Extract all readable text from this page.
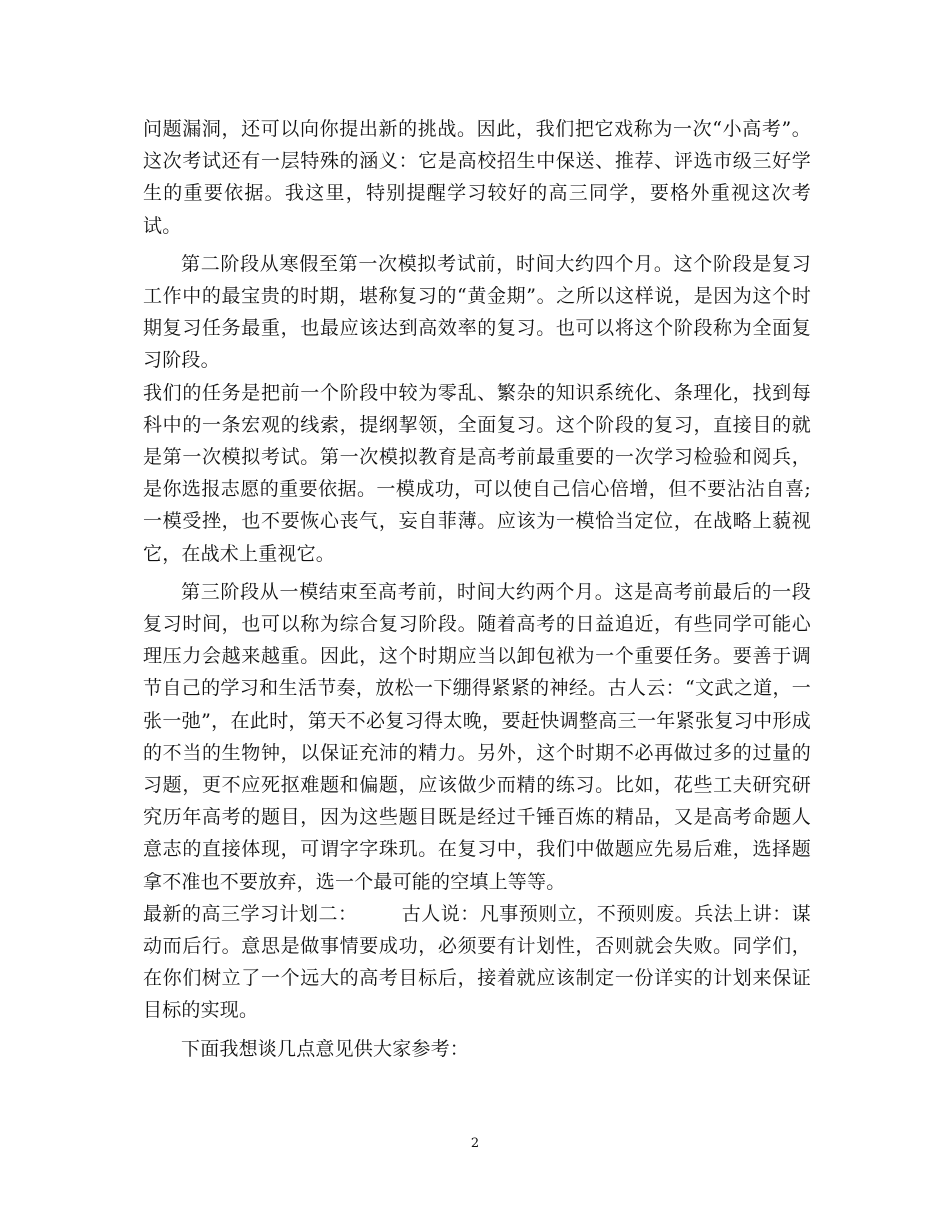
问题漏洞，还可以向你提出新的挑战。因此，我们把它戏称为一次“小高考”。这次考试还有一层特殊的涵义：它是高校招生中保送、推荐、评选市级三好学生的重要依据。我这里，特别提醒学习较好的高三同学，要格外重视这次考试。

第二阶段从寒假至第一次模拟考试前，时间大约四个月。这个阶段是复习工作中的最宝贵的时期，堪称复习的“黄金期”。之所以这样说，是因为这个时期复习任务最重，也最应该达到高效率的复习。也可以将这个阶段称为全面复习阶段。

我们的任务是把前一个阶段中较为零乱、繁杂的知识系统化、条理化，找到每科中的一条宏观的线索，提纲挈领，全面复习。这个阶段的复习，直接目的就是第一次模拟考试。第一次模拟教育是高考前最重要的一次学习检验和阅兵，是你选报志愿的重要依据。一模成功，可以使自己信心倍增，但不要沾沾自喜;一模受挫，也不要恢心丧气，妄自菲薄。应该为一模恰当定位，在战略上藐视它，在战术上重视它。

第三阶段从一模结束至高考前，时间大约两个月。这是高考前最后的一段复习时间，也可以称为综合复习阶段。随着高考的日益追近，有些同学可能心理压力会越来越重。因此，这个时期应当以卸包袱为一个重要任务。要善于调节自己的学习和生活节奏，放松一下绷得紧紧的神经。古人云：“文武之道，一张一弛”，在此时，第天不必复习得太晚，要赶快调整高三一年紧张复习中形成的不当的生物钟，以保证充沛的精力。另外，这个时期不必再做过多的过量的习题，更不应死抠难题和偏题，应该做少而精的练习。比如，花些工夫研究研究历年高考的题目，因为这些题目既是经过千锤百炼的精品，又是高考命题人意志的直接体现，可谓字字珠玑。在复习中，我们中做题应先易后难，选择题拿不准也不要放弃，选一个最可能的空填上等等。

最新的高三学习计划二： 古人说：凡事预则立，不预则废。兵法上讲：谋动而后行。意思是做事情要成功，必须要有计划性，否则就会失败。同学们，在你们树立了一个远大的高考目标后，接着就应该制定一份详实的计划来保证目标的实现。

下面我想谈几点意见供大家参考：

2
